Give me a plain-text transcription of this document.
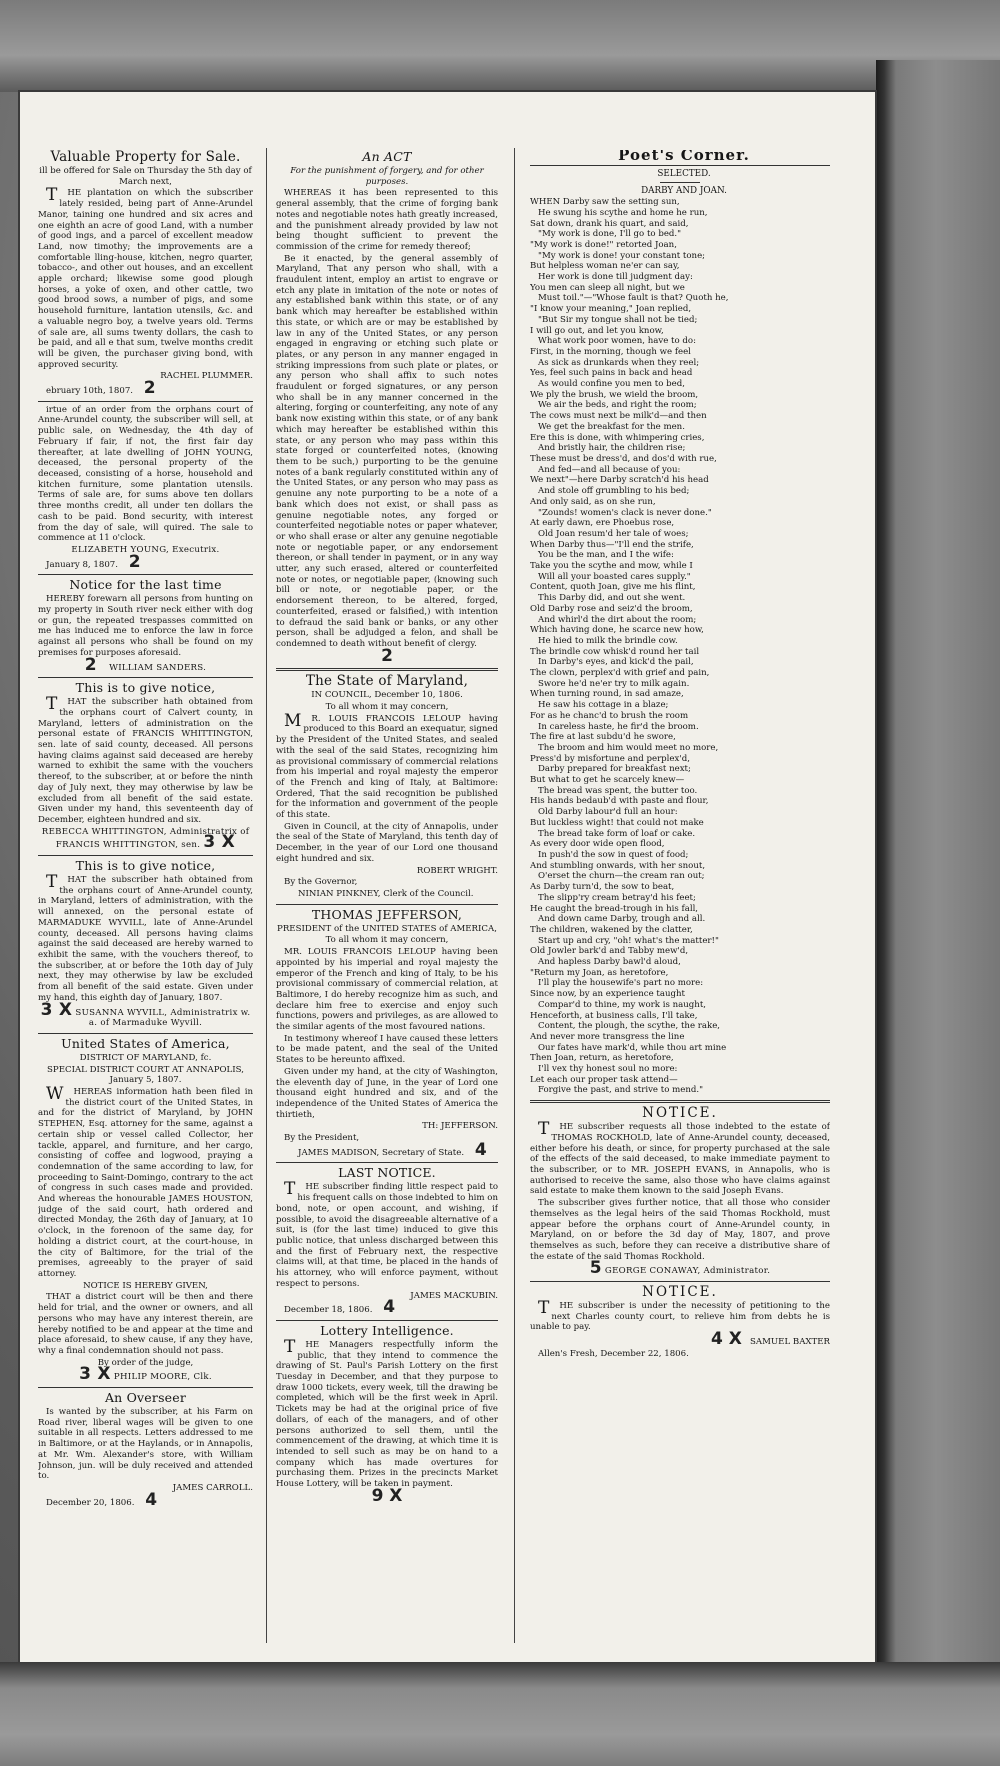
Valuable Property for Sale.

ill be offered for Sale on Thursday the 5th day of March next,

THE plantation on which the subscriber lately resided, being part of Anne-Arundel Manor, taining one hundred and six acres and one eighth an acre of good Land, with a number of good ings, and a parcel of excellent meadow Land, now timothy; the improvements are a comfortable lling-house, kitchen, negro quarter, tobacco-, and other out houses, and an excellent apple orchard; likewise some good plough horses, a yoke of oxen, and other cattle, two good brood sows, a number of pigs, and some household furniture, lantation utensils, &c. and a valuable negro boy, a twelve years old. Terms of sale are, all sums twenty dollars, the cash to be paid, and all e that sum, twelve months credit will be given, the purchaser giving bond, with approved security.

RACHEL PLUMMER.

ebruary 10th, 1807. 2

irtue of an order from the orphans court of Anne-Arundel county, the subscriber will sell, at public sale, on Wednesday, the 4th day of February if fair, if not, the first fair day thereafter, at late dwelling of JOHN YOUNG, deceased, the personal property of the deceased, consisting of a horse, household and kitchen furniture, some plantation utensils. Terms of sale are, for sums above ten dollars three months credit, all under ten dollars the cash to be paid. Bond security, with interest from the day of sale, will quired. The sale to commence at 11 o'clock.

ELIZABETH YOUNG, Executrix.

January 8, 1807. 2

Notice for the last time

HEREBY forewarn all persons from hunting on my property in South river neck either with dog or gun, the repeated trespasses committed on me has induced me to enforce the law in force against all persons who shall be found on my premises for purposes aforesaid.

2 WILLIAM SANDERS.

This is to give notice,

THAT the subscriber hath obtained from the orphans court of Calvert county, in Maryland, letters of administration on the personal estate of FRANCIS WHITTINGTON, sen. late of said county, deceased. All persons having claims against said deceased are hereby warned to exhibit the same with the vouchers thereof, to the subscriber, at or before the ninth day of July next, they may otherwise by law be excluded from all benefit of the said estate. Given under my hand, this seventeenth day of December, eighteen hundred and six.

REBECCA WHITTINGTON, Administratrix of FRANCIS WHITTINGTON, sen. 3 X

This is to give notice,

THAT the subscriber hath obtained from the orphans court of Anne-Arundel county, in Maryland, letters of administration, with the will annexed, on the personal estate of MARMADUKE WYVILL, late of Anne-Arundel county, deceased. All persons having claims against the said deceased are hereby warned to exhibit the same, with the vouchers thereof, to the subscriber, at or before the 10th day of July next, they may otherwise by law be excluded from all benefit of the said estate. Given under my hand, this eighth day of January, 1807.

3 X SUSANNA WYVILL, Administratrix w. a. of Marmaduke Wyvill.

United States of America,

DISTRICT OF MARYLAND, fc.

SPECIAL DISTRICT COURT AT ANNAPOLIS, January 5, 1807.

WHEREAS information hath been filed in the district court of the United States, in and for the district of Maryland, by JOHN STEPHEN, Esq. attorney for the same, against a certain ship or vessel called Collector, her tackle, apparel, and furniture, and her cargo, consisting of coffee and logwood, praying a condemnation of the same according to law, for proceeding to Saint-Domingo, contrary to the act of congress in such cases made and provided. And whereas the honourable JAMES HOUSTON, judge of the said court, hath ordered and directed Monday, the 26th day of January, at 10 o'clock, in the forenoon of the same day, for holding a district court, at the court-house, in the city of Baltimore, for the trial of the premises, agreeably to the prayer of said attorney.

NOTICE IS HEREBY GIVEN,

THAT a district court will be then and there held for trial, and the owner or owners, and all persons who may have any interest therein, are hereby notified to be and appear at the time and place aforesaid, to shew cause, if any they have, why a final condemnation should not pass.

By order of the judge,

3 X PHILIP MOORE, Clk.

An Overseer

Is wanted by the subscriber, at his Farm on Road river, liberal wages will be given to one suitable in all respects. Letters addressed to me in Baltimore, or at the Haylands, or in Annapolis, at Mr. Wm. Alexander's store, with William Johnson, jun. will be duly received and attended to.

JAMES CARROLL.

December 20, 1806. 4

An ACT

For the punishment of forgery, and for other purposes.

WHEREAS it has been represented to this general assembly, that the crime of forging bank notes and negotiable notes hath greatly increased, and the punishment already provided by law not being thought sufficient to prevent the commission of the crime for remedy thereof;

Be it enacted, by the general assembly of Maryland, That any person who shall, with a fraudulent intent, employ an artist to engrave or etch any plate in imitation of the note or notes of any established bank within this state, or of any bank which may hereafter be established within this state, or which are or may be established by law in any of the United States, or any person engaged in engraving or etching such plate or plates, or any person in any manner engaged in striking impressions from such plate or plates, or any person who shall affix to such notes fraudulent or forged signatures, or any person who shall be in any manner concerned in the altering, forging or counterfeiting, any note of any bank now existing within this state, or of any bank which may hereafter be established within this state, or any person who may pass within this state forged or counterfeited notes, (knowing them to be such,) purporting to be the genuine notes of a bank regularly constituted within any of the United States, or any person who may pass as genuine any note purporting to be a note of a bank which does not exist, or shall pass as genuine negotiable notes, any forged or counterfeited negotiable notes or paper whatever, or who shall erase or alter any genuine negotiable note or negotiable paper, or any endorsement thereon, or shall tender in payment, or in any way utter, any such erased, altered or counterfeited note or notes, or negotiable paper, (knowing such bill or note, or negotiable paper, or the endorsement thereon, to be altered, forged, counterfeited, erased or falsified,) with intention to defraud the said bank or banks, or any other person, shall be adjudged a felon, and shall be condemned to death without benefit of clergy.

2

The State of Maryland,

IN COUNCIL, December 10, 1806.

To all whom it may concern,

MR. LOUIS FRANCOIS LELOUP having produced to this Board an exequatur, signed by the President of the United States, and sealed with the seal of the said States, recognizing him as provisional commissary of commercial relations from his imperial and royal majesty the emperor of the French and king of Italy, at Baltimore: Ordered, That the said recognition be published for the information and government of the people of this state.

Given in Council, at the city of Annapolis, under the seal of the State of Maryland, this tenth day of December, in the year of our Lord one thousand eight hundred and six.

ROBERT WRIGHT.

By the Governor,

NINIAN PINKNEY, Clerk of the Council.

THOMAS JEFFERSON,

PRESIDENT of the UNITED STATES of AMERICA,

To all whom it may concern,

MR. LOUIS FRANCOIS LELOUP having been appointed by his imperial and royal majesty the emperor of the French and king of Italy, to be his provisional commissary of commercial relation, at Baltimore, I do hereby recognize him as such, and declare him free to exercise and enjoy such functions, powers and privileges, as are allowed to the similar agents of the most favoured nations.

In testimony whereof I have caused these letters to be made patent, and the seal of the United States to be hereunto affixed.

Given under my hand, at the city of Washington, the eleventh day of June, in the year of Lord one thousand eight hundred and six, and of the independence of the United States of America the thirtieth,

TH: JEFFERSON.

By the President,

JAMES MADISON, Secretary of State. 4

LAST NOTICE.

THE subscriber finding little respect paid to his frequent calls on those indebted to him on bond, note, or open account, and wishing, if possible, to avoid the disagreeable alternative of a suit, is (for the last time) induced to give this public notice, that unless discharged between this and the first of February next, the respective claims will, at that time, be placed in the hands of his attorney, who will enforce payment, without respect to persons.

JAMES MACKUBIN.

December 18, 1806. 4

Lottery Intelligence.

THE Managers respectfully inform the public, that they intend to commence the drawing of St. Paul's Parish Lottery on the first Tuesday in December, and that they purpose to draw 1000 tickets, every week, till the drawing be completed, which will be the first week in April. Tickets may be had at the original price of five dollars, of each of the managers, and of other persons authorized to sell them, until the commencement of the drawing, at which time it is intended to sell such as may be on hand to a company which has made overtures for purchasing them. Prizes in the precincts Market House Lottery, will be taken in payment.

9 X

Poet's Corner.

SELECTED.

DARBY AND JOAN.

WHEN Darby saw the setting sun,

He swung his scythe and home he run,

Sat down, drank his quart, and said,

"My work is done, I'll go to bed."

"My work is done!" retorted Joan,

"My work is done! your constant tone;

But helpless woman ne'er can say,

Her work is done till judgment day:

You men can sleep all night, but we

Must toil."—"Whose fault is that? Quoth he,

"I know your meaning," Joan replied,

"But Sir my tongue shall not be tied;

I will go out, and let you know,

What work poor women, have to do:

First, in the morning, though we feel

As sick as drunkards when they reel;

Yes, feel such pains in back and head

As would confine you men to bed,

We ply the brush, we wield the broom,

We air the beds, and right the room;

The cows must next be milk'd—and then

We get the breakfast for the men.

Ere this is done, with whimpering cries,

And bristly hair, the children rise;

These must be dress'd, and dos'd with rue,

And fed—and all because of you:

We next"—here Darby scratch'd his head

And stole off grumbling to his bed;

And only said, as on she run,

"Zounds! women's clack is never done."

At early dawn, ere Phoebus rose,

Old Joan resum'd her tale of woes;

When Darby thus—"I'll end the strife,

You be the man, and I the wife:

Take you the scythe and mow, while I

Will all your boasted cares supply."

Content, quoth Joan, give me his flint,

This Darby did, and out she went.

Old Darby rose and seiz'd the broom,

And whirl'd the dirt about the room;

Which having done, he scarce new how,

He hied to milk the brindle cow.

The brindle cow whisk'd round her tail

In Darby's eyes, and kick'd the pail,

The clown, perplex'd with grief and pain,

Swore he'd ne'er try to milk again.

When turning round, in sad amaze,

He saw his cottage in a blaze;

For as he chanc'd to brush the room

In careless haste, he fir'd the broom.

The fire at last subdu'd he swore,

The broom and him would meet no more,

Press'd by misfortune and perplex'd,

Darby prepared for breakfast next;

But what to get he scarcely knew—

The bread was spent, the butter too.

His hands bedaub'd with paste and flour,

Old Darby labour'd full an hour:

But luckless wight! that could not make

The bread take form of loaf or cake.

As every door wide open flood,

In push'd the sow in quest of food;

And stumbling onwards, with her snout,

O'erset the churn—the cream ran out;

As Darby turn'd, the sow to beat,

The slipp'ry cream betray'd his feet;

He caught the bread-trough in his fall,

And down came Darby, trough and all.

The children, wakened by the clatter,

Start up and cry, "oh! what's the matter!"

Old Jowler bark'd and Tabby mew'd,

And hapless Darby bawl'd aloud,

"Return my Joan, as heretofore,

I'll play the housewife's part no more:

Since now, by an experience taught

Compar'd to thine, my work is naught,

Henceforth, at business calls, I'll take,

Content, the plough, the scythe, the rake,

And never more transgress the line

Our fates have mark'd, while thou art mine

Then Joan, return, as heretofore,

I'll vex thy honest soul no more:

Let each our proper task attend—

Forgive the past, and strive to mend."

NOTICE.

THE subscriber requests all those indebted to the estate of THOMAS ROCKHOLD, late of Anne-Arundel county, deceased, either before his death, or since, for property purchased at the sale of the effects of the said deceased, to make immediate payment to the subscriber, or to MR. JOSEPH EVANS, in Annapolis, who is authorised to receive the same, also those who have claims against said estate to make them known to the said Joseph Evans.

The subscriber gives further notice, that all those who consider themselves as the legal heirs of the said Thomas Rockhold, must appear before the orphans court of Anne-Arundel county, in Maryland, on or before the 3d day of May, 1807, and prove themselves as such, before they can receive a distributive share of the estate of the said Thomas Rockhold.

5 GEORGE CONAWAY, Administrator.

NOTICE.

THE subscriber is under the necessity of petitioning to the next Charles county court, to relieve him from debts he is unable to pay.

4 X SAMUEL BAXTER

Allen's Fresh, December 22, 1806.
